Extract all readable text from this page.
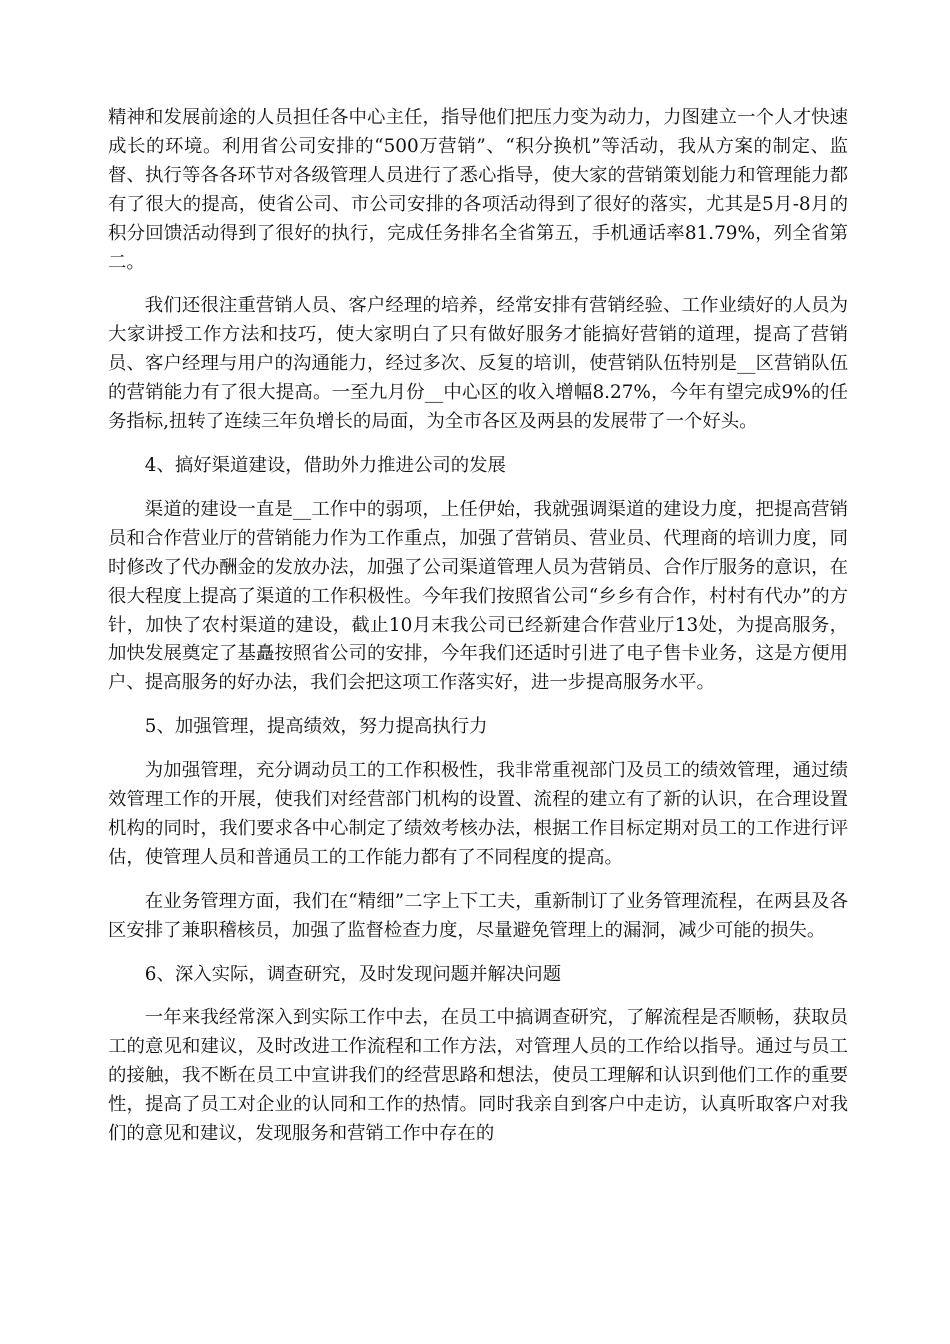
精神和发展前途的人员担任各中心主任，指导他们把压力变为动力，力图建立一个人才快速成长的环境。利用省公司安排的“500万营销”、“积分换机”等活动，我从方案的制定、监督、执行等各各环节对各级管理人员进行了悉心指导，使大家的营销策划能力和管理能力都有了很大的提高，使省公司、市公司安排的各项活动得到了很好的落实，尤其是5月-8月的积分回馈活动得到了很好的执行，完成任务排名全省第五，手机通话率81.79%，列全省第二。

我们还很注重营销人员、客户经理的培养，经常安排有营销经验、工作业绩好的人员为大家讲授工作方法和技巧，使大家明白了只有做好服务才能搞好营销的道理，提高了营销员、客户经理与用户的沟通能力，经过多次、反复的培训，使营销队伍特别是__区营销队伍的营销能力有了很大提高。一至九月份__中心区的收入增幅8.27%，今年有望完成9%的任务指标,扭转了连续三年负增长的局面，为全市各区及两县的发展带了一个好头。

4、搞好渠道建设，借助外力推进公司的发展

渠道的建设一直是__工作中的弱项，上任伊始，我就强调渠道的建设力度，把提高营销员和合作营业厅的营销能力作为工作重点，加强了营销员、营业员、代理商的培训力度，同时修改了代办酬金的发放办法，加强了公司渠道管理人员为营销员、合作厅服务的意识，在很大程度上提高了渠道的工作积极性。今年我们按照省公司“乡乡有合作，村村有代办”的方针，加快了农村渠道的建设，截止10月末我公司已经新建合作营业厅13处，为提高服务，加快发展奠定了基矗按照省公司的安排，今年我们还适时引进了电子售卡业务，这是方便用户、提高服务的好办法，我们会把这项工作落实好，进一步提高服务水平。

5、加强管理，提高绩效，努力提高执行力

为加强管理，充分调动员工的工作积极性，我非常重视部门及员工的绩效管理，通过绩效管理工作的开展，使我们对经营部门机构的设置、流程的建立有了新的认识，在合理设置机构的同时，我们要求各中心制定了绩效考核办法，根据工作目标定期对员工的工作进行评估，使管理人员和普通员工的工作能力都有了不同程度的提高。

在业务管理方面，我们在“精细”二字上下工夫，重新制订了业务管理流程，在两县及各区安排了兼职稽核员，加强了监督检查力度，尽量避免管理上的漏洞，减少可能的损失。

6、深入实际，调查研究，及时发现问题并解决问题

一年来我经常深入到实际工作中去，在员工中搞调查研究，了解流程是否顺畅，获取员工的意见和建议，及时改进工作流程和工作方法，对管理人员的工作给以指导。通过与员工的接触，我不断在员工中宣讲我们的经营思路和想法，使员工理解和认识到他们工作的重要性，提高了员工对企业的认同和工作的热情。同时我亲自到客户中走访，认真听取客户对我们的意见和建议，发现服务和营销工作中存在的
